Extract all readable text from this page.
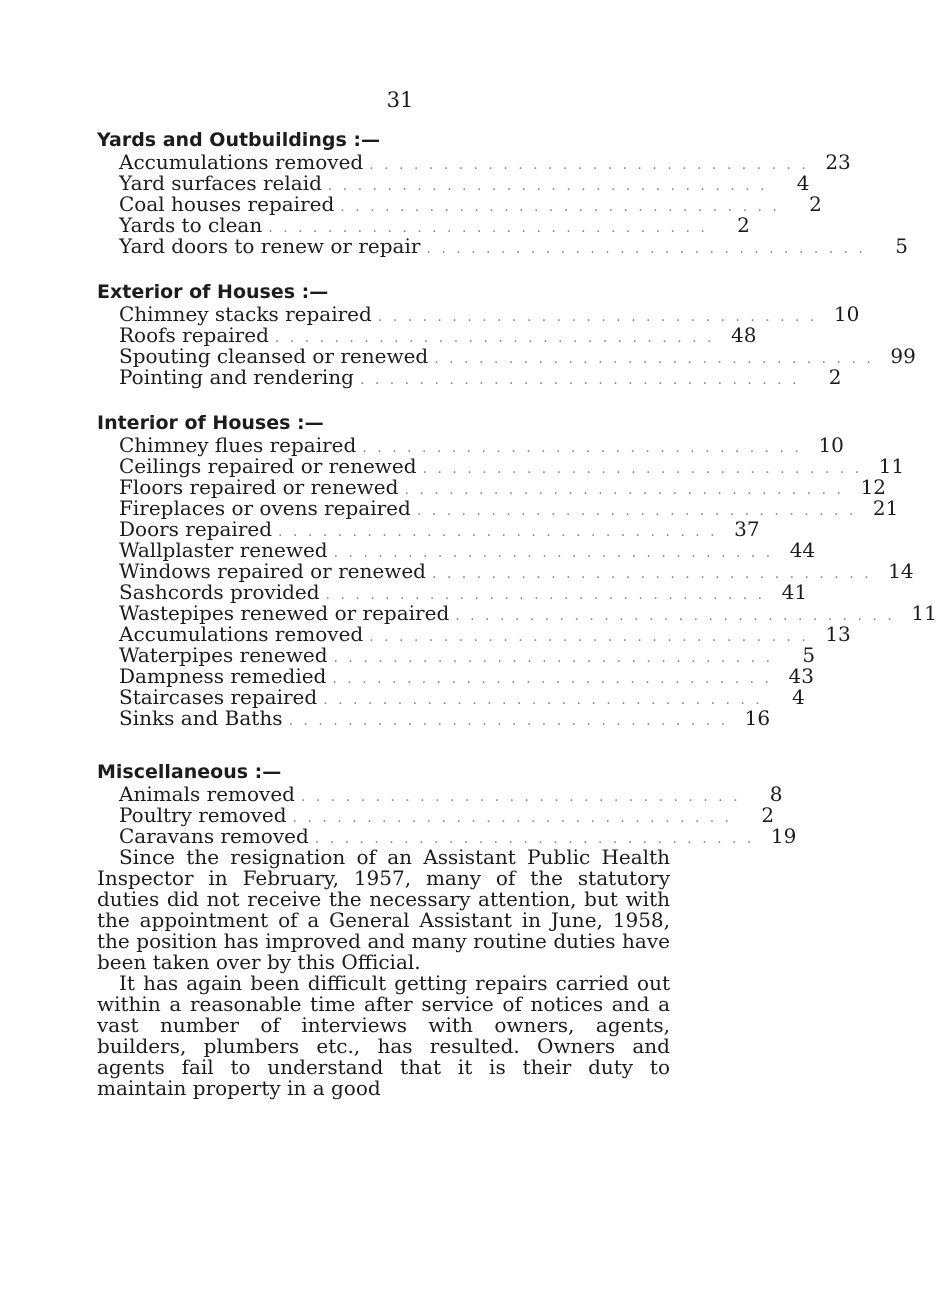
31
Yards and Outbuildings :—
Accumulations removed . . . . . . . . . . . . . . . . . . . . . . . . . . . . . . 23
Yard surfaces relaid . . . . . . . . . . . . . . . . . . . . . . . . . . . . . .	4
Coal houses repaired . . . . . . . . . . . . . . . . . . . . . . . . . . . . . .	2
Yards to clean . . . . . . . . . . . . . . . . . . . . . . . . . . . . . .	2
Yard doors to renew or repair . . . . . . . . . . . . . . . . . . . . . . . . . . . . . .	5
Exterior of Houses :—
Chimney stacks repaired . . . . . . . . . . . . . . . . . . . . . . . . . . . . . . 10
Roofs repaired . . . . . . . . . . . . . . . . . . . . . . . . . . . . . . 48
Spouting cleansed or renewed . . . . . . . . . . . . . . . . . . . . . . . . . . . . . . 99
Pointing and rendering . . . . . . . . . . . . . . . . . . . . . . . . . . . . . .	2
Interior of Houses :—
Chimney flues repaired . . . . . . . . . . . . . . . . . . . . . . . . . . . . . . 10
Ceilings repaired or renewed . . . . . . . . . . . . . . . . . . . . . . . . . . . . . . 11
Floors repaired or renewed . . . . . . . . . . . . . . . . . . . . . . . . . . . . . . 12
Fireplaces or ovens repaired . . . . . . . . . . . . . . . . . . . . . . . . . . . . . . 21
Doors repaired . . . . . . . . . . . . . . . . . . . . . . . . . . . . . . 37
Wallplaster renewed . . . . . . . . . . . . . . . . . . . . . . . . . . . . . . 44
Windows repaired or renewed . . . . . . . . . . . . . . . . . . . . . . . . . . . . . . 14
Sashcords provided . . . . . . . . . . . . . . . . . . . . . . . . . . . . . . 41
Wastepipes renewed or repaired . . . . . . . . . . . . . . . . . . . . . . . . . . . . . . 11
Accumulations removed . . . . . . . . . . . . . . . . . . . . . . . . . . . . . . 13
Waterpipes renewed . . . . . . . . . . . . . . . . . . . . . . . . . . . . . .	5
Dampness remedied . . . . . . . . . . . . . . . . . . . . . . . . . . . . . . 43
Staircases repaired . . . . . . . . . . . . . . . . . . . . . . . . . . . . . .	4
Sinks and Baths . . . . . . . . . . . . . . . . . . . . . . . . . . . . . . 16
Miscellaneous :—
Animals removed . . . . . . . . . . . . . . . . . . . . . . . . . . . . . .	8
Poultry removed . . . . . . . . . . . . . . . . . . . . . . . . . . . . . .	2
Caravans removed . . . . . . . . . . . . . . . . . . . . . . . . . . . . . . 19

Since the resignation of an Assistant Public Health Inspector in February, 1957, many of the statutory duties did not receive the necessary attention, but with the appointment of a General Assistant in June, 1958, the position has improved and many routine duties have been taken over by this Official.

It has again been difficult getting repairs carried out within a reasonable time after service of notices and a vast number of interviews with owners, agents, builders, plumbers etc., has resulted. Owners and agents fail to understand that it is their duty to maintain property in a good
